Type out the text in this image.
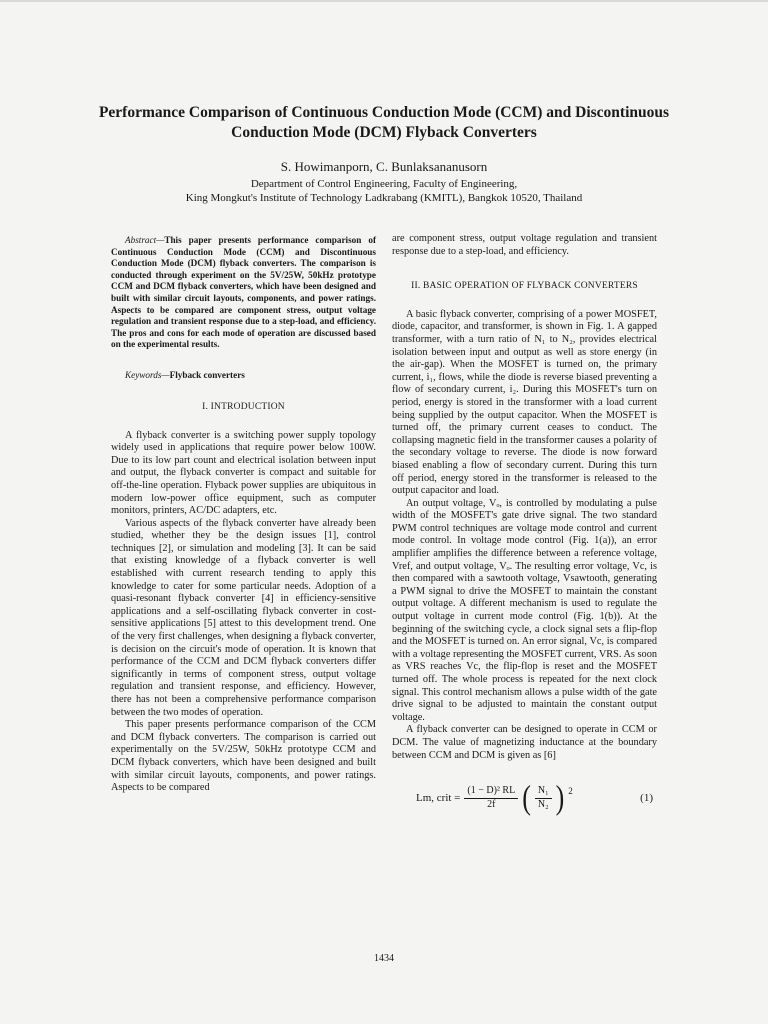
Performance Comparison of Continuous Conduction Mode (CCM) and Discontinuous Conduction Mode (DCM) Flyback Converters
S. Howimanporn, C. Bunlaksananusorn
Department of Control Engineering, Faculty of Engineering,
King Mongkut's Institute of Technology Ladkrabang (KMITL), Bangkok 10520, Thailand

Abstract—This paper presents performance comparison of Continuous Conduction Mode (CCM) and Discontinuous Conduction Mode (DCM) flyback converters. The comparison is conducted through experiment on the 5V/25W, 50kHz prototype CCM and DCM flyback converters, which have been designed and built with similar circuit layouts, components, and power ratings. Aspects to be compared are component stress, output voltage regulation and transient response due to a step-load, and efficiency. The pros and cons for each mode of operation are discussed based on the experimental results.

Keywords—Flyback converters

I. INTRODUCTION

A flyback converter is a switching power supply topology widely used in applications that require power below 100W. Due to its low part count and electrical isolation between input and output, the flyback converter is compact and suitable for off-the-line operation. Flyback power supplies are ubiquitous in modern low-power office equipment, such as computer monitors, printers, AC/DC adapters, etc.

Various aspects of the flyback converter have already been studied, whether they be the design issues [1], control techniques [2], or simulation and modeling [3]. It can be said that existing knowledge of a flyback converter is well established with current research tending to apply this knowledge to cater for some particular needs. Adoption of a quasi-resonant flyback converter [4] in efficiency-sensitive applications and a self-oscillating flyback converter in cost-sensitive applications [5] attest to this development trend. One of the very first challenges, when designing a flyback converter, is decision on the circuit's mode of operation. It is known that performance of the CCM and DCM flyback converters differ significantly in terms of component stress, output voltage regulation and transient response, and efficiency. However, there has not been a comprehensive performance comparison between the two modes of operation.

This paper presents performance comparison of the CCM and DCM flyback converters. The comparison is carried out experimentally on the 5V/25W, 50kHz prototype CCM and DCM flyback converters, which have been designed and built with similar circuit layouts, components, and power ratings. Aspects to be compared

are component stress, output voltage regulation and transient response due to a step-load, and efficiency.

II. BASIC OPERATION OF FLYBACK CONVERTERS

A basic flyback converter, comprising of a power MOSFET, diode, capacitor, and transformer, is shown in Fig. 1. A gapped transformer, with a turn ratio of N₁ to N₂, provides electrical isolation between input and output as well as store energy (in the air-gap). When the MOSFET is turned on, the primary current, i₁, flows, while the diode is reverse biased preventing a flow of secondary current, i₂. During this MOSFET's turn on period, energy is stored in the transformer with a load current being supplied by the output capacitor. When the MOSFET is turned off, the primary current ceases to conduct. The collapsing magnetic field in the transformer causes a polarity of the secondary voltage to reverse. The diode is now forward biased enabling a flow of secondary current. During this turn off period, energy stored in the transformer is released to the output capacitor and load.

An output voltage, Vₒ, is controlled by modulating a pulse width of the MOSFET's gate drive signal. The two standard PWM control techniques are voltage mode control and current mode control. In voltage mode control (Fig. 1(a)), an error amplifier amplifies the difference between a reference voltage, Vref, and output voltage, Vₒ. The resulting error voltage, Vc, is then compared with a sawtooth voltage, Vsawtooth, generating a PWM signal to drive the MOSFET to maintain the constant output voltage. A different mechanism is used to regulate the output voltage in current mode control (Fig. 1(b)). At the beginning of the switching cycle, a clock signal sets a flip-flop and the MOSFET is turned on. An error signal, Vc, is compared with a voltage representing the MOSFET current, VRS. As soon as VRS reaches Vc, the flip-flop is reset and the MOSFET turned off. The whole process is repeated for the next clock signal. This control mechanism allows a pulse width of the gate drive signal to be adjusted to maintain the constant output voltage.

A flyback converter can be designed to operate in CCM or DCM. The value of magnetizing inductance at the boundary between CCM and DCM is given as [6]

Lm, crit = $\frac{\text{(1 − D)² RL}}{2f}$ ( $\frac{\text{N₁}}{\text{N₂}}$ ) $^2$
(1)
1434
